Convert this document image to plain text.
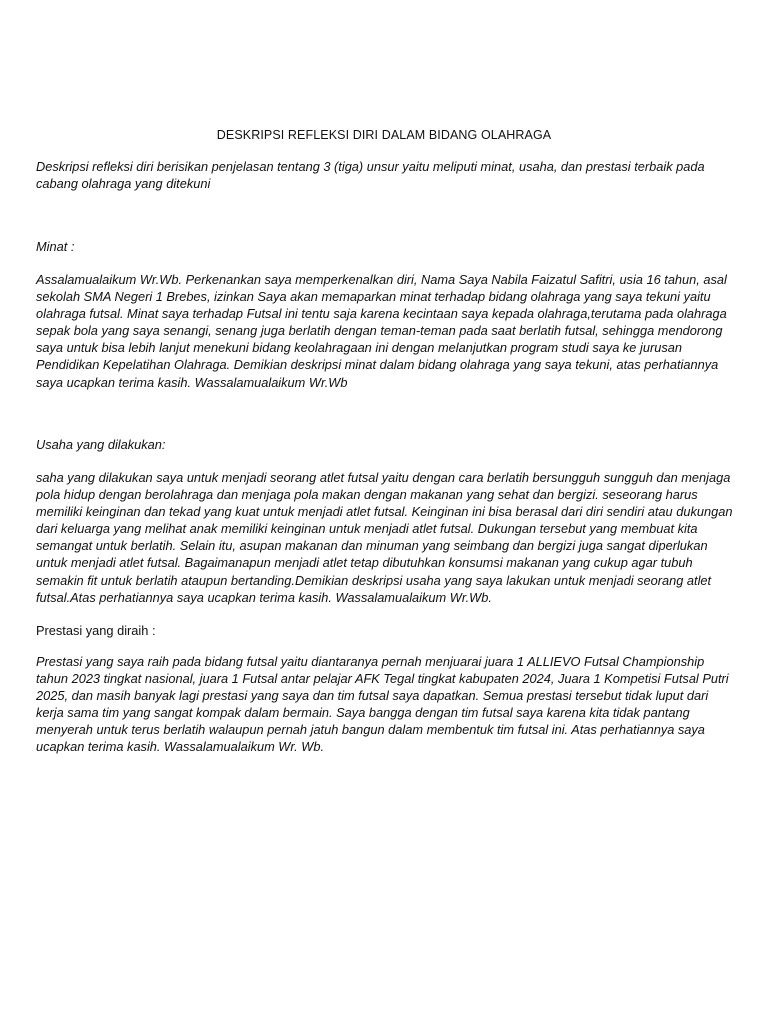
DESKRIPSI REFLEKSI DIRI DALAM BIDANG OLAHRAGA

Deskripsi refleksi diri berisikan penjelasan tentang 3 (tiga) unsur yaitu meliputi minat, usaha, dan prestasi terbaik pada cabang olahraga yang ditekuni

Minat :

Assalamualaikum Wr.Wb. Perkenankan saya memperkenalkan diri, Nama Saya Nabila Faizatul Safitri, usia 16 tahun, asal sekolah SMA Negeri 1 Brebes, izinkan Saya akan memaparkan minat terhadap bidang olahraga yang saya tekuni yaitu olahraga futsal. Minat saya terhadap Futsal ini tentu saja karena kecintaan saya kepada olahraga,terutama pada olahraga sepak bola yang saya senangi, senang juga berlatih dengan teman-teman pada saat berlatih futsal, sehingga mendorong saya untuk bisa lebih lanjut menekuni bidang keolahragaan ini dengan melanjutkan program studi saya ke jurusan Pendidikan Kepelatihan Olahraga. Demikian deskripsi minat dalam bidang olahraga yang saya tekuni, atas perhatiannya saya ucapkan terima kasih. Wassalamualaikum Wr.Wb

Usaha yang dilakukan:

saha yang dilakukan saya untuk menjadi seorang atlet futsal yaitu dengan cara berlatih bersungguh sungguh dan menjaga pola hidup dengan berolahraga dan menjaga pola makan dengan makanan yang sehat dan bergizi. seseorang harus memiliki keinginan dan tekad yang kuat untuk menjadi atlet futsal. Keinginan ini bisa berasal dari diri sendiri atau dukungan dari keluarga yang melihat anak memiliki keinginan untuk menjadi atlet futsal. Dukungan tersebut yang membuat kita semangat untuk berlatih. Selain itu, asupan makanan dan minuman yang seimbang dan bergizi juga sangat diperlukan untuk menjadi atlet futsal. Bagaimanapun menjadi atlet tetap dibutuhkan konsumsi makanan yang cukup agar tubuh semakin fit untuk berlatih ataupun bertanding.Demikian deskripsi usaha yang saya lakukan untuk menjadi seorang atlet futsal.Atas perhatiannya saya ucapkan terima kasih. Wassalamualaikum Wr.Wb.

Prestasi yang diraih :

Prestasi yang saya raih pada bidang futsal yaitu diantaranya pernah menjuarai juara 1 ALLIEVO Futsal Championship tahun 2023 tingkat nasional, juara 1 Futsal antar pelajar AFK Tegal tingkat kabupaten 2024, Juara 1 Kompetisi Futsal Putri 2025, dan masih banyak lagi prestasi yang saya dan tim futsal saya dapatkan. Semua prestasi tersebut tidak luput dari kerja sama tim yang sangat kompak dalam bermain. Saya bangga dengan tim futsal saya karena kita tidak pantang menyerah untuk terus berlatih walaupun pernah jatuh bangun dalam membentuk tim futsal ini. Atas perhatiannya saya ucapkan terima kasih. Wassalamualaikum Wr. Wb.
